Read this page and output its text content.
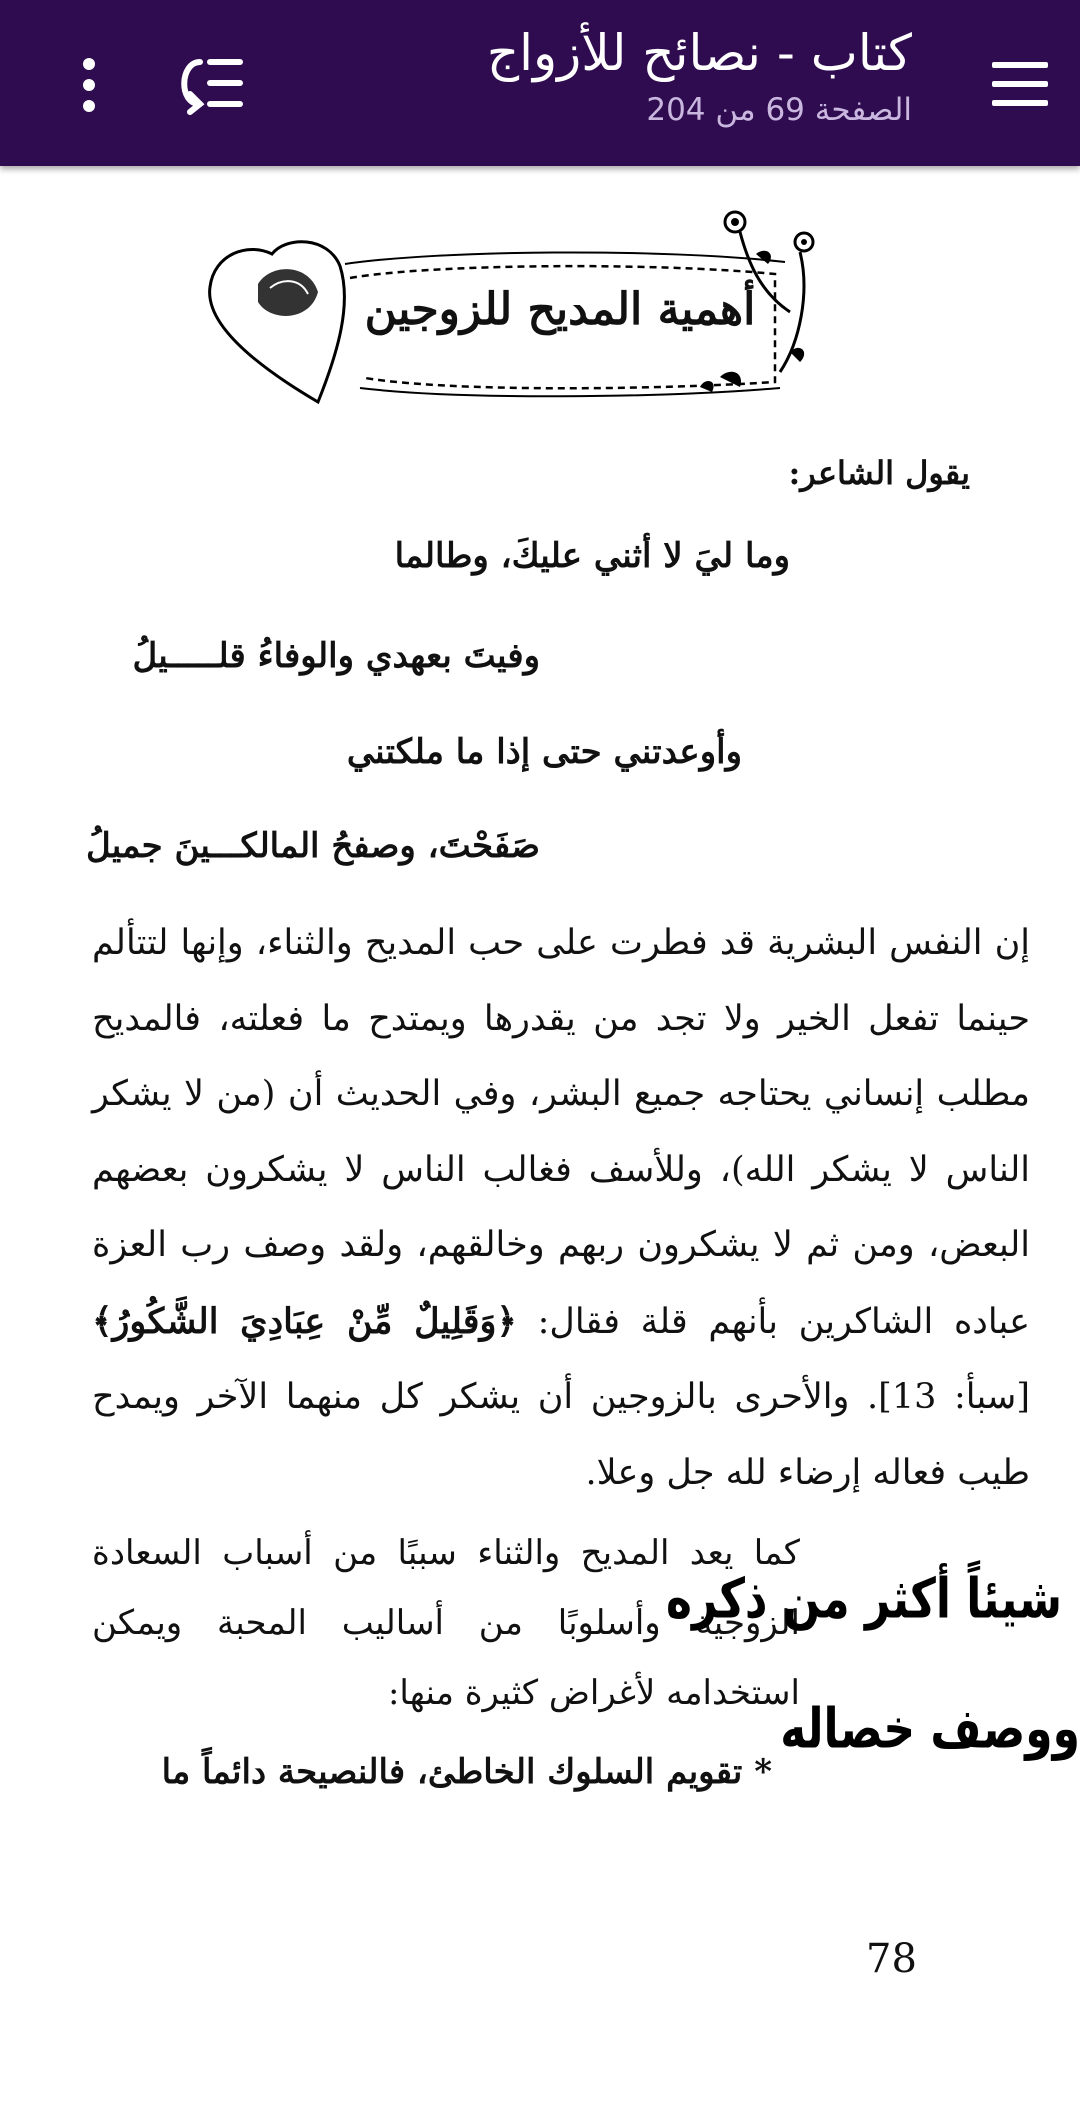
كتاب - نصائح للأزواج
الصفحة 69 من 204
أهمية المديح للزوجين
يقول الشاعر:
وما ليَ لا أثني عليكَ، وطالما
وفيتَ بعهدي والوفاءُ قلـــــيلُ
وأوعدتني حتى إذا ما ملكتني
صَفَحْتَ، وصفحُ المالكـــينَ جميلُ
إن النفس البشرية قد فطرت على حب المديح والثناء، وإنها لتتألم حينما تفعل الخير ولا تجد من يقدرها ويمتدح ما فعلته، فالمديح مطلب إنساني يحتاجه جميع البشر، وفي الحديث أن (من لا يشكر الناس لا يشكر الله)، وللأسف فغالب الناس لا يشكرون بعضهم البعض، ومن ثم لا يشكرون ربهم وخالقهم، ولقد وصف رب العزة عباده الشاكرين بأنهم قلة فقال: ﴿وَقَلِيلٌ مِّنْ عِبَادِيَ الشَّكُورُ﴾ [سبأ: 13]. والأحرى بالزوجين أن يشكر كل منهما الآخر ويمدح طيب فعاله إرضاء لله جل وعلا.
كما يعد المديح والثناء سببًا من أسباب السعادة الزوجية وأسلوبًا من أساليب المحبة ويمكن استخدامه لأغراض كثيرة منها:
* تقويم السلوك الخاطئ، فالنصيحة دائماً ما
شيئاً أكثر من ذكره
ووصف خصاله
78
